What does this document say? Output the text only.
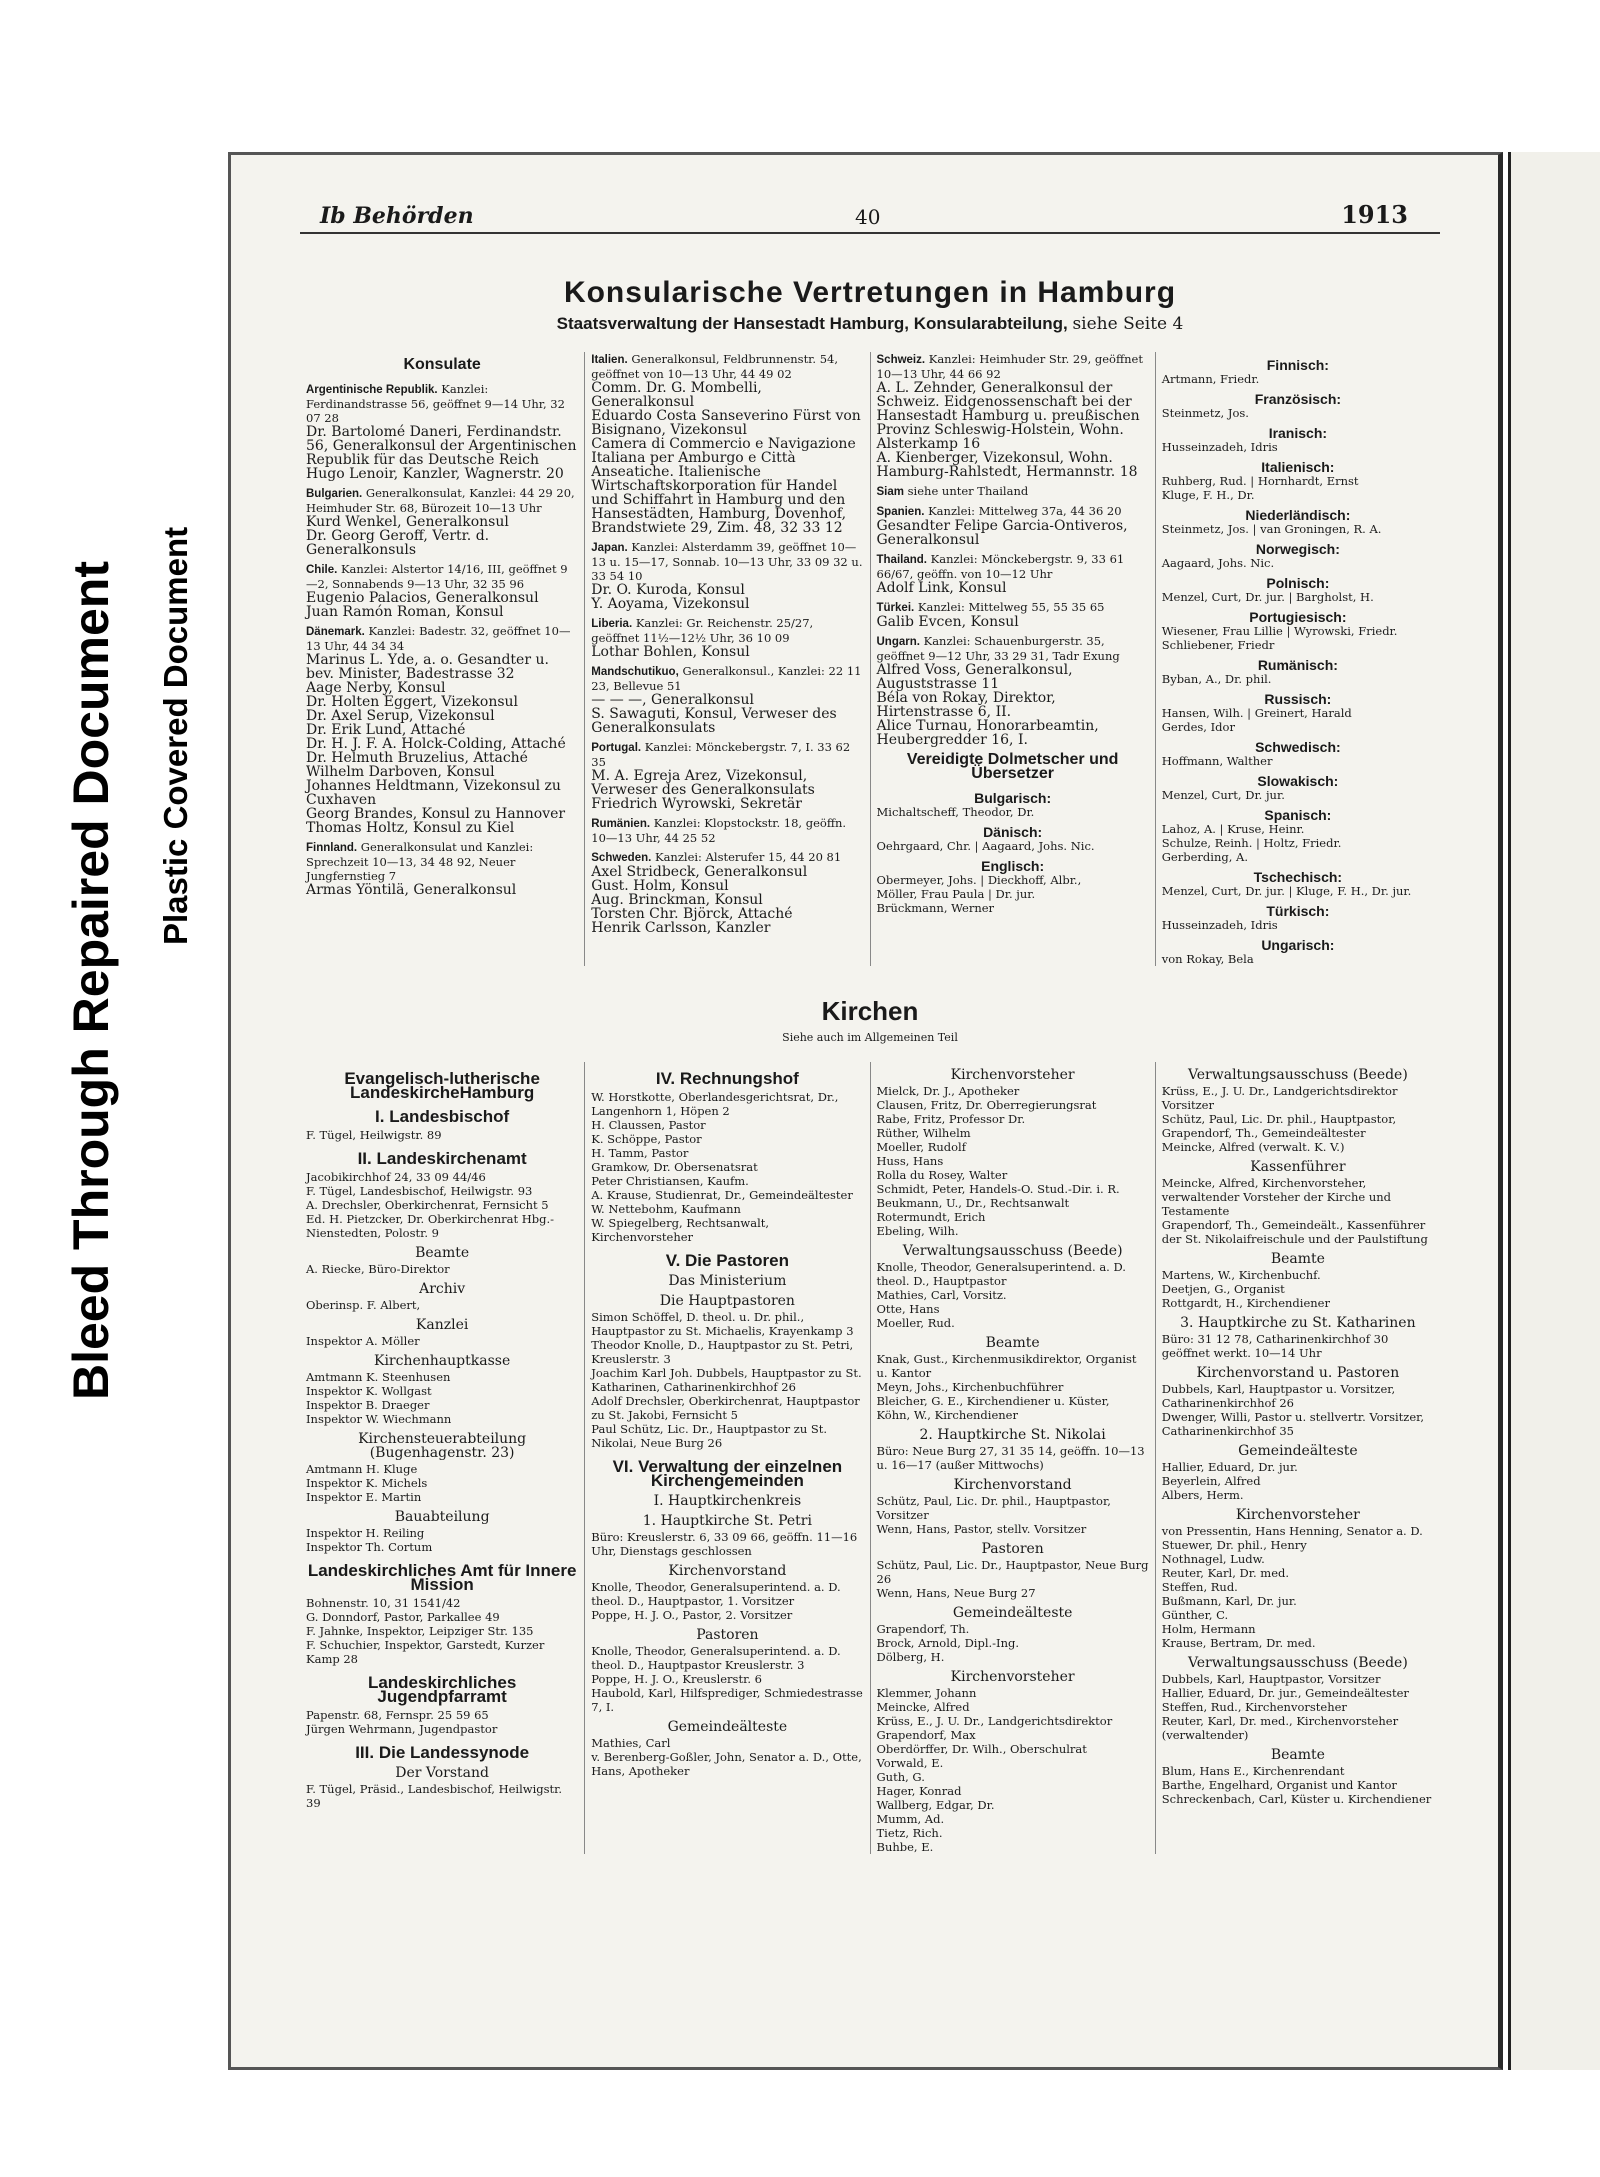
Bleed Through Repaired Document Plastic Covered Document
Ib Behörden	40	1913
Konsularische Vertretungen in Hamburg
Staatsverwaltung der Hansestadt Hamburg, Konsularabteilung, siehe Seite 4
Konsulate
Argentinische Republik. Kanzlei: Ferdinandstrasse 56, geöffnet 9—14 Uhr, 32 07 28
Dr. Bartolomé Daneri, Ferdinandstr. 56, Generalkonsul der Argentinischen Republik für das Deutsche Reich
Hugo Lenoir, Kanzler, Wagnerstr. 20
Bulgarien. Generalkonsulat, Kanzlei: 44 29 20, Heimhuder Str. 68, Bürozeit 10—13 Uhr
Kurd Wenkel, Generalkonsul
Dr. Georg Geroff, Vertr. d. Generalkonsuls
Chile. Kanzlei: Alstertor 14/16, III, geöffnet 9—2, Sonnabends 9—13 Uhr, 32 35 96
Eugenio Palacios, Generalkonsul
Juan Ramón Roman, Konsul
Dänemark. Kanzlei: Badestr. 32, geöffnet 10—13 Uhr, 44 34 34
Marinus L. Yde, a. o. Gesandter u. bev. Minister, Badestrasse 32
Aage Nerby, Konsul
Dr. Holten Eggert, Vizekonsul
Dr. Axel Serup, Vizekonsul
Dr. Erik Lund, Attaché
Dr. H. J. F. A. Holck-Colding, Attaché
Dr. Helmuth Bruzelius, Attaché
Wilhelm Darboven, Konsul
Johannes Heldtmann, Vizekonsul zu Cuxhaven
Georg Brandes, Konsul zu Hannover
Thomas Holtz, Konsul zu Kiel
Finnland. Generalkonsulat und Kanzlei: Sprechzeit 10—13, 34 48 92, Neuer Jungfernstieg 7
Armas Yöntilä, Generalkonsul
Italien. Generalkonsul, Feldbrunnenstr. 54, geöffnet von 10—13 Uhr, 44 49 02
Comm. Dr. G. Mombelli, Generalkonsul
Eduardo Costa Sanseverino Fürst von Bisignano, Vizekonsul
Camera di Commercio e Navigazione Italiana per Amburgo e Città Anseatiche. Italienische Wirtschaftskorporation für Handel und Schiffahrt in Hamburg und den Hansestädten, Hamburg, Dovenhof, Brandstwiete 29, Zim. 48, 32 33 12
Japan. Kanzlei: Alsterdamm 39, geöffnet 10—13 u. 15—17, Sonnab. 10—13 Uhr, 33 09 32 u. 33 54 10
Dr. O. Kuroda, Konsul
Y. Aoyama, Vizekonsul
Liberia. Kanzlei: Gr. Reichenstr. 25/27, geöffnet 11½—12½ Uhr, 36 10 09
Lothar Bohlen, Konsul
Mandschutikuo, Generalkonsul., Kanzlei: 22 11 23, Bellevue 51
— — —, Generalkonsul
S. Sawaguti, Konsul, Verweser des Generalkonsulats
Portugal. Kanzlei: Mönckebergstr. 7, I. 33 62 35
M. A. Egreja Arez, Vizekonsul, Verweser des Generalkonsulats
Friedrich Wyrowski, Sekretär
Rumänien. Kanzlei: Klopstockstr. 18, geöffn. 10—13 Uhr, 44 25 52
Schweden. Kanzlei: Alsterufer 15, 44 20 81
Axel Stridbeck, Generalkonsul
Gust. Holm, Konsul
Aug. Brinckman, Konsul
Torsten Chr. Björck, Attaché
Henrik Carlsson, Kanzler
Schweiz. Kanzlei: Heimhuder Str. 29, geöffnet 10—13 Uhr, 44 66 92
A. L. Zehnder, Generalkonsul der Schweiz. Eidgenossenschaft bei der Hansestadt Hamburg u. preußischen Provinz Schleswig-Holstein, Wohn. Alsterkamp 16
A. Kienberger, Vizekonsul, Wohn. Hamburg-Rahlstedt, Hermannstr. 18
Siam siehe unter Thailand
Spanien. Kanzlei: Mittelweg 37a, 44 36 20
Gesandter Felipe Garcia-Ontiveros, Generalkonsul
Thailand. Kanzlei: Mönckebergstr. 9, 33 61 66/67, geöffn. von 10—12 Uhr
Adolf Link, Konsul
Türkei. Kanzlei: Mittelweg 55, 55 35 65
Galib Evcen, Konsul
Ungarn. Kanzlei: Schauenburgerstr. 35, geöffnet 9—12 Uhr, 33 29 31, Tadr Exung
Alfred Voss, Generalkonsul, Auguststrasse 11
Béla von Rokay, Direktor, Hirtenstrasse 6, II.
Alice Turnau, Honorarbeamtin, Heubergredder 16, I.
Vereidigte Dolmetscher und Übersetzer
Bulgarisch:
Michaltscheff, Theodor, Dr.
Dänisch:
Oehrgaard, Chr. | Aagaard, Johs. Nic.
Englisch:
Obermeyer, Johs. | Dieckhoff, Albr.,
Möller, Frau Paula | Dr. jur.
Brückmann, Werner
Finnisch:
Artmann, Friedr.
Französisch:
Steinmetz, Jos.
Iranisch:
Husseinzadeh, Idris
Italienisch:
Ruhberg, Rud. | Hornhardt, Ernst
Kluge, F. H., Dr.
Niederländisch:
Steinmetz, Jos. | van Groningen, R. A.
Norwegisch:
Aagaard, Johs. Nic.
Polnisch:
Menzel, Curt, Dr. jur. | Bargholst, H.
Portugiesisch:
Wiesener, Frau Lillie | Wyrowski, Friedr.
Schliebener, Friedr
Rumänisch:
Byban, A., Dr. phil.
Russisch:
Hansen, Wilh. | Greinert, Harald
Gerdes, Idor
Schwedisch:
Hoffmann, Walther
Slowakisch:
Menzel, Curt, Dr. jur.
Spanisch:
Lahoz, A. | Kruse, Heinr.
Schulze, Reinh. | Holtz, Friedr.
Gerberding, A.
Tschechisch:
Menzel, Curt, Dr. jur. | Kluge, F. H., Dr. jur.
Türkisch:
Husseinzadeh, Idris
Ungarisch:
von Rokay, Bela
Kirchen
Siehe auch im Allgemeinen Teil
Evangelisch-lutherische LandeskircheHamburg
I. Landesbischof
F. Tügel, Heilwigstr. 89
II. Landeskirchenamt
Jacobikirchhof 24, 33 09 44/46
F. Tügel, Landesbischof, Heilwigstr. 93
A. Drechsler, Oberkirchenrat, Fernsicht 5
Ed. H. Pietzcker, Dr. Oberkirchenrat Hbg.-Nienstedten, Polostr. 9
Beamte
A. Riecke, Büro-Direktor
Archiv
Oberinsp. F. Albert,
Kanzlei
Inspektor A. Möller
Kirchenhauptkasse
Amtmann K. Steenhusen
Inspektor K. Wollgast
Inspektor B. Draeger
Inspektor W. Wiechmann
Kirchensteuerabteilung (Bugenhagenstr. 23)
Amtmann H. Kluge
Inspektor K. Michels
Inspektor E. Martin
Bauabteilung
Inspektor H. Reiling
Inspektor Th. Cortum
Landeskirchliches Amt für Innere Mission
Bohnenstr. 10, 31 1541/42
G. Donndorf, Pastor, Parkallee 49
F. Jahnke, Inspektor, Leipziger Str. 135
F. Schuchier, Inspektor, Garstedt, Kurzer Kamp 28
Landeskirchliches Jugendpfarramt
Papenstr. 68, Fernspr. 25 59 65
Jürgen Wehrmann, Jugendpastor
III. Die Landessynode
Der Vorstand
F. Tügel, Präsid., Landesbischof, Heilwigstr. 39
IV. Rechnungshof
W. Horstkotte, Oberlandesgerichtsrat, Dr., Langenhorn 1, Höpen 2
H. Claussen, Pastor
K. Schöppe, Pastor
H. Tamm, Pastor
Gramkow, Dr. Obersenatsrat
Peter Christiansen, Kaufm.
A. Krause, Studienrat, Dr., Gemeindeältester
W. Nettebohm, Kaufmann
W. Spiegelberg, Rechtsanwalt, Kirchenvorsteher
V. Die Pastoren
Das Ministerium
Die Hauptpastoren
Simon Schöffel, D. theol. u. Dr. phil., Hauptpastor zu St. Michaelis, Krayenkamp 3
Theodor Knolle, D., Hauptpastor zu St. Petri, Kreuslerstr. 3
Joachim Karl Joh. Dubbels, Hauptpastor zu St. Katharinen, Catharinenkirchhof 26
Adolf Drechsler, Oberkirchenrat, Hauptpastor zu St. Jakobi, Fernsicht 5
Paul Schütz, Lic. Dr., Hauptpastor zu St. Nikolai, Neue Burg 26
VI. Verwaltung der einzelnen Kirchengemeinden
I. Hauptkirchenkreis
1. Hauptkirche St. Petri
Büro: Kreuslerstr. 6, 33 09 66, geöffn. 11—16 Uhr, Dienstags geschlossen
Kirchenvorstand
Knolle, Theodor, Generalsuperintend. a. D. theol. D., Hauptpastor, 1. Vorsitzer
Poppe, H. J. O., Pastor, 2. Vorsitzer
Pastoren
Knolle, Theodor, Generalsuperintend. a. D. theol. D., Hauptpastor Kreuslerstr. 3
Poppe, H. J. O., Kreuslerstr. 6
Haubold, Karl, Hilfsprediger, Schmiedestrasse 7, I.
Gemeindeälteste
Mathies, Carl
v. Berenberg-Goßler, John, Senator a. D., Otte, Hans, Apotheker
Kirchenvorsteher
Mielck, Dr. J., Apotheker
Clausen, Fritz, Dr. Oberregierungsrat
Rabe, Fritz, Professor Dr.
Rüther, Wilhelm
Moeller, Rudolf
Huss, Hans
Rolla du Rosey, Walter
Schmidt, Peter, Handels-O. Stud.-Dir. i. R.
Beukmann, U., Dr., Rechtsanwalt
Rotermundt, Erich
Ebeling, Wilh.
Verwaltungsausschuss (Beede)
Knolle, Theodor, Generalsuperintend. a. D. theol. D., Hauptpastor
Mathies, Carl, Vorsitz.
Otte, Hans
Moeller, Rud.
Beamte
Knak, Gust., Kirchenmusikdirektor, Organist u. Kantor
Meyn, Johs., Kirchenbuchführer
Bleicher, G. E., Kirchendiener u. Küster,
Köhn, W., Kirchendiener
2. Hauptkirche St. Nikolai
Büro: Neue Burg 27, 31 35 14, geöffn. 10—13 u. 16—17 (außer Mittwochs)
Kirchenvorstand
Schütz, Paul, Lic. Dr. phil., Hauptpastor, Vorsitzer
Wenn, Hans, Pastor, stellv. Vorsitzer
Pastoren
Schütz, Paul, Lic. Dr., Hauptpastor, Neue Burg 26
Wenn, Hans, Neue Burg 27
Gemeindeälteste
Grapendorf, Th.
Brock, Arnold, Dipl.-Ing.
Dölberg, H.
Kirchenvorsteher
Klemmer, Johann
Meincke, Alfred
Krüss, E., J. U. Dr., Landgerichtsdirektor
Grapendorf, Max
Oberdörffer, Dr. Wilh., Oberschulrat
Vorwald, E.
Guth, G.
Hager, Konrad
Wallberg, Edgar, Dr.
Mumm, Ad.
Tietz, Rich.
Buhbe, E.
Verwaltungsausschuss (Beede)
Krüss, E., J. U. Dr., Landgerichtsdirektor Vorsitzer
Schütz, Paul, Lic. Dr. phil., Hauptpastor,
Grapendorf, Th., Gemeindeältester
Meincke, Alfred (verwalt. K. V.)
Kassenführer
Meincke, Alfred, Kirchenvorsteher, verwaltender Vorsteher der Kirche und Testamente
Grapendorf, Th., Gemeindeält., Kassenführer der St. Nikolaifreischule und der Paulstiftung
Beamte
Martens, W., Kirchenbuchf.
Deetjen, G., Organist
Rottgardt, H., Kirchendiener
3. Hauptkirche zu St. Katharinen
Büro: 31 12 78, Catharinenkirchhof 30 geöffnet werkt. 10—14 Uhr
Kirchenvorstand u. Pastoren
Dubbels, Karl, Hauptpastor u. Vorsitzer, Catharinenkirchhof 26
Dwenger, Willi, Pastor u. stellvertr. Vorsitzer, Catharinenkirchhof 35
Gemeindeälteste
Hallier, Eduard, Dr. jur.
Beyerlein, Alfred
Albers, Herm.
Kirchenvorsteher
von Pressentin, Hans Henning, Senator a. D.
Stuewer, Dr. phil., Henry
Nothnagel, Ludw.
Reuter, Karl, Dr. med.
Steffen, Rud.
Bußmann, Karl, Dr. jur.
Günther, C.
Holm, Hermann
Krause, Bertram, Dr. med.
Verwaltungsausschuss (Beede)
Dubbels, Karl, Hauptpastor, Vorsitzer
Hallier, Eduard, Dr. jur., Gemeindeältester
Steffen, Rud., Kirchenvorsteher
Reuter, Karl, Dr. med., Kirchenvorsteher (verwaltender)
Beamte
Blum, Hans E., Kirchenrendant
Barthe, Engelhard, Organist und Kantor
Schreckenbach, Carl, Küster u. Kirchendiener
